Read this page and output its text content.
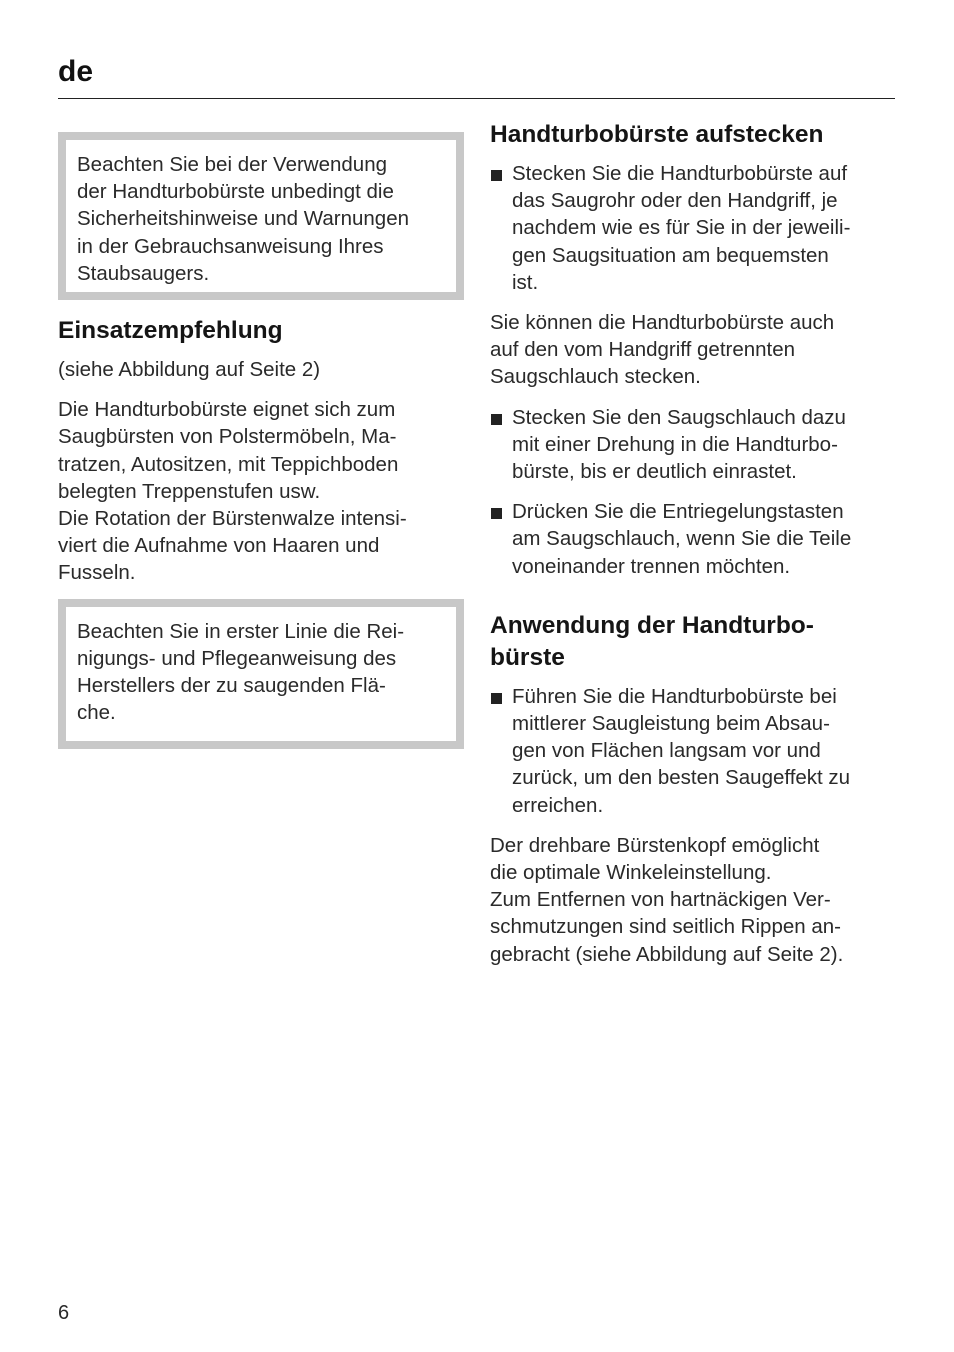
de
Beachten Sie bei der Verwendung
der Handturbobürste unbedingt die
Sicherheitshinweise und Warnungen
in der Gebrauchsanweisung Ihres
Staubsaugers.
Einsatzempfehlung

(siehe Abbildung auf Seite 2)

Die Handturbobürste eignet sich zum
Saugbürsten von Polstermöbeln, Ma-
tratzen, Autositzen, mit Teppichboden
belegten Treppenstufen usw.
Die Rotation der Bürstenwalze intensi-
viert die Aufnahme von Haaren und
Fusseln.

Beachten Sie in erster Linie die Rei-
nigungs- und Pflegeanweisung des
Herstellers der zu saugenden Flä-
che.
Handturbobürste aufstecken
Stecken Sie die Handturbobürste auf
das Saugrohr oder den Handgriff, je
nachdem wie es für Sie in der jeweili-
gen Saugsituation am bequemsten
ist.

Sie können die Handturbobürste auch
auf den vom Handgriff getrennten
Saugschlauch stecken.

Stecken Sie den Saugschlauch dazu
mit einer Drehung in die Handturbo-
bürste, bis er deutlich einrastet.
Drücken Sie die Entriegelungstasten
am Saugschlauch, wenn Sie die Teile
voneinander trennen möchten.
Anwendung der Handturbo-
bürste
Führen Sie die Handturbobürste bei
mittlerer Saugleistung beim Absau-
gen von Flächen langsam vor und
zurück, um den besten Saugeffekt zu
erreichen.

Der drehbare Bürstenkopf emöglicht
die optimale Winkeleinstellung.
Zum Entfernen von hartnäckigen Ver-
schmutzungen sind seitlich Rippen an-
gebracht (siehe Abbildung auf Seite 2).

6
